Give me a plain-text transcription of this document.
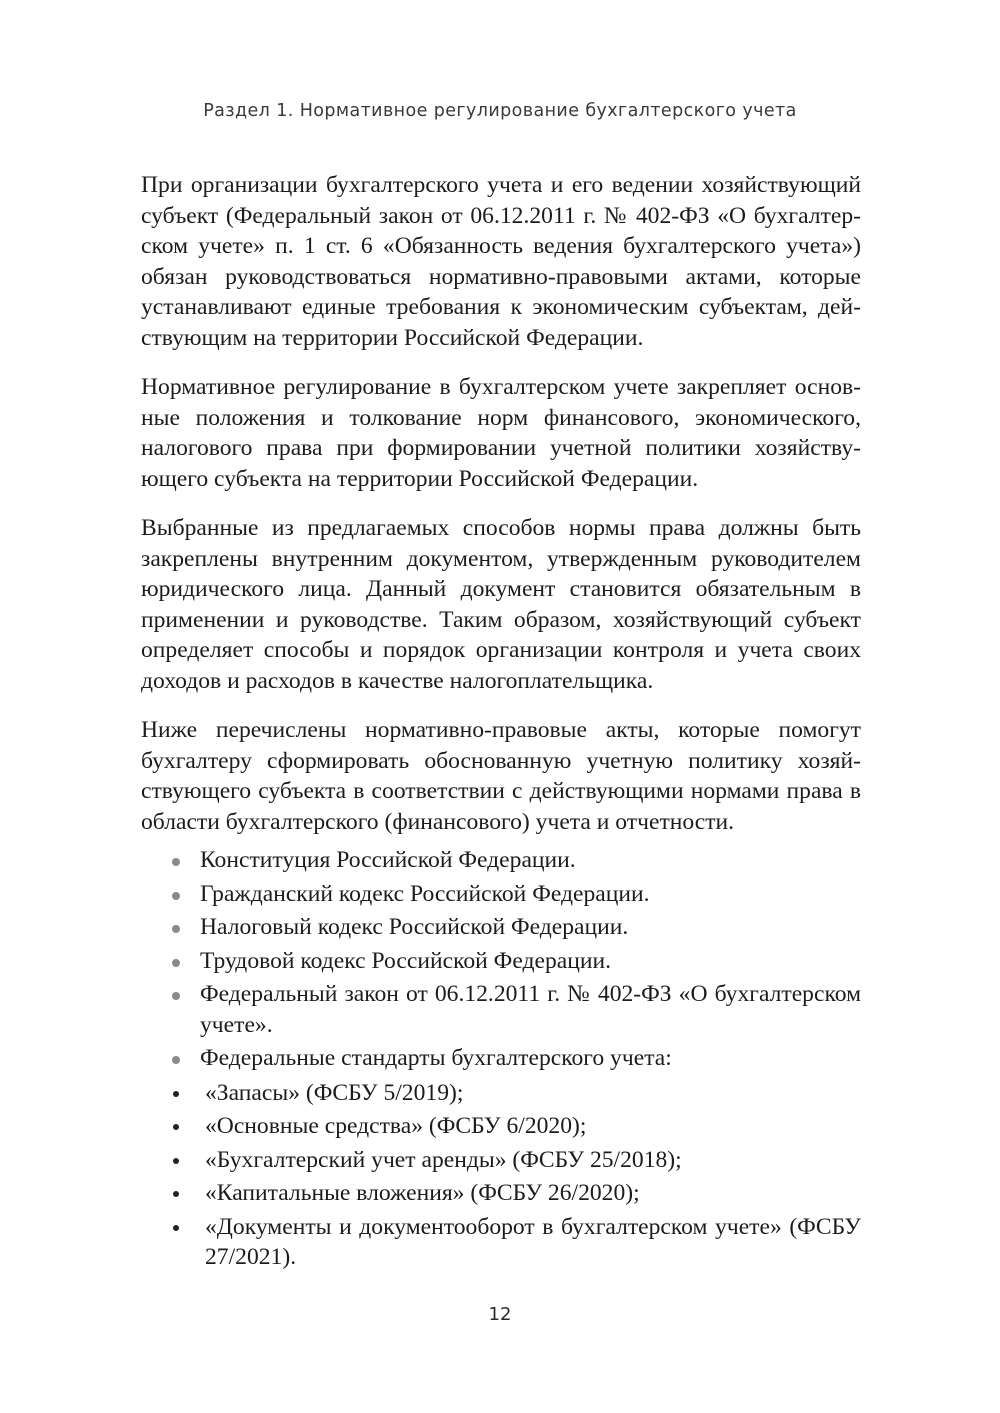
Раздел 1. Нормативное регулирование бухгалтерского учета

При организации бухгалтерского учета и его ведении хозяйствующий субъект (Федеральный закон от 06.12.2011 г. № 402-ФЗ «О бухгалтерском учете» п. 1 ст. 6 «Обязанность ведения бухгалтерского учета») обязан руководствоваться нормативно-правовыми актами, которые устанавливают единые требования к экономическим субъектам, действующим на территории Российской Федерации.

Нормативное регулирование в бухгалтерском учете закрепляет основные положения и толкование норм финансового, экономического, налогового права при формировании учетной политики хозяйствующего субъекта на территории Российской Федерации.

Выбранные из предлагаемых способов нормы права должны быть закреплены внутренним документом, утвержденным руководителем юридического лица. Данный документ становится обязательным в применении и руководстве. Таким образом, хозяйствующий субъект определяет способы и порядок организации контроля и учета своих доходов и расходов в качестве налогоплательщика.

Ниже перечислены нормативно-правовые акты, которые помогут бухгалтеру сформировать обоснованную учетную политику хозяйствующего субъекта в соответствии с действующими нормами права в области бухгалтерского (финансового) учета и отчетности.

Конституция Российской Федерации.
Гражданский кодекс Российской Федерации.
Налоговый кодекс Российской Федерации.
Трудовой кодекс Российской Федерации.
Федеральный закон от 06.12.2011 г. № 402-ФЗ «О бухгалтерском учете».
Федеральные стандарты бухгалтерского учета:
«Запасы» (ФСБУ 5/2019);
«Основные средства» (ФСБУ 6/2020);
«Бухгалтерский учет аренды» (ФСБУ 25/2018);
«Капитальные вложения» (ФСБУ 26/2020);
«Документы и документооборот в бухгалтерском учете» (ФСБУ 27/2021).
12
